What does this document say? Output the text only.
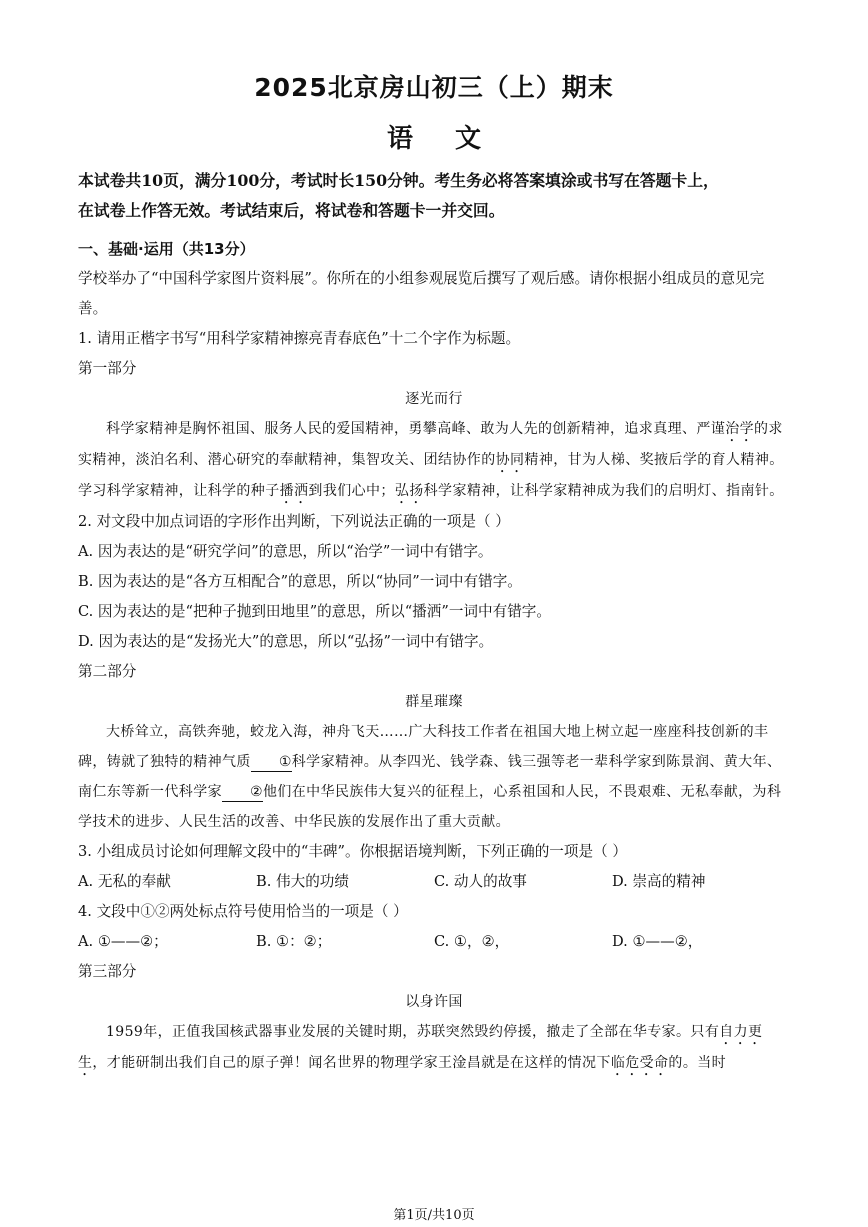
2025北京房山初三（上）期末
语文

本试卷共10页，满分100分，考试时长150分钟。考生务必将答案填涂或书写在答题卡上，

在试卷上作答无效。考试结束后，将试卷和答题卡一并交回。

一、基础·运用（共13分）

学校举办了“中国科学家图片资料展”。你所在的小组参观展览后撰写了观后感。请你根据小组成员的意见完善。

1. 请用正楷字书写“用科学家精神擦亮青春底色”十二个字作为标题。

第一部分

逐光而行

科学家精神是胸怀祖国、服务人民的爱国精神，勇攀高峰、敢为人先的创新精神，追求真理、严谨治学的求实精神，淡泊名利、潜心研究的奉献精神，集智攻关、团结协作的协同精神，甘为人梯、奖掖后学的育人精神。学习科学家精神，让科学的种子播洒到我们心中；弘扬科学家精神，让科学家精神成为我们的启明灯、指南针。

2. 对文段中加点词语的字形作出判断，下列说法正确的一项是（ ）

A. 因为表达的是“研究学问”的意思，所以“治学”一词中有错字。

B. 因为表达的是“各方互相配合”的意思，所以“协同”一词中有错字。

C. 因为表达的是“把种子抛到田地里”的意思，所以“播洒”一词中有错字。

D. 因为表达的是“发扬光大”的意思，所以“弘扬”一词中有错字。

第二部分

群星璀璨

大桥耸立，高铁奔驰，蛟龙入海，神舟飞天……广大科技工作者在祖国大地上树立起一座座科技创新的丰碑，铸就了独特的精神气质 ①科学家精神。从李四光、钱学森、钱三强等老一辈科学家到陈景润、黄大年、南仁东等新一代科学家 ②他们在中华民族伟大复兴的征程上，心系祖国和人民，不畏艰难、无私奉献，为科学技术的进步、人民生活的改善、中华民族的发展作出了重大贡献。

3. 小组成员讨论如何理解文段中的“丰碑”。你根据语境判断，下列正确的一项是（ ）

A. 无私的奉献	B. 伟大的功绩	C. 动人的故事	D. 崇高的精神

4. 文段中①②两处标点符号使用恰当的一项是（ ）

A. ①——②；	B. ①：②；	C. ①，②，	D. ①——②，

第三部分

以身许国

1959年，正值我国核武器事业发展的关键时期，苏联突然毁约停援，撤走了全部在华专家。只有自力更生，才能研制出我们自己的原子弹！闻名世界的物理学家王淦昌就是在这样的情况下临危受命的。当时

第1页/共10页
